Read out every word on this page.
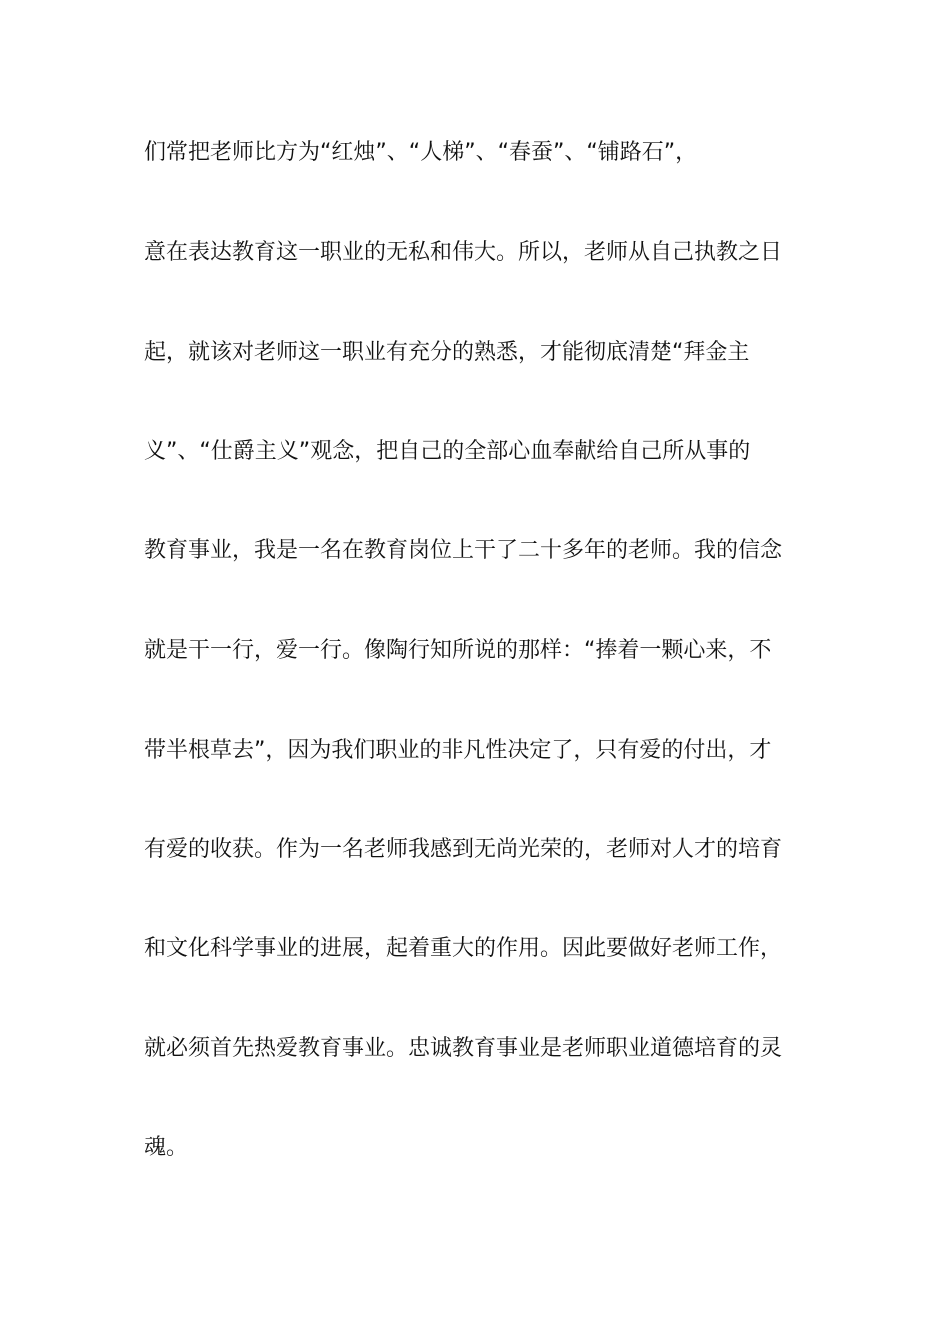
们常把老师比方为“红烛”、“人梯”、“春蚕”、“铺路石”，
意在表达教育这一职业的无私和伟大。所以，老师从自己执教之日
起，就该对老师这一职业有充分的熟悉，才能彻底清楚“拜金主
义”、“仕爵主义”观念，把自己的全部心血奉献给自己所从事的
教育事业，我是一名在教育岗位上干了二十多年的老师。我的信念
就是干一行，爱一行。像陶行知所说的那样：“捧着一颗心来，不
带半根草去”，因为我们职业的非凡性决定了，只有爱的付出，才
有爱的收获。作为一名老师我感到无尚光荣的，老师对人才的培育
和文化科学事业的进展，起着重大的作用。因此要做好老师工作，
就必须首先热爱教育事业。忠诚教育事业是老师职业道德培育的灵
魂。
